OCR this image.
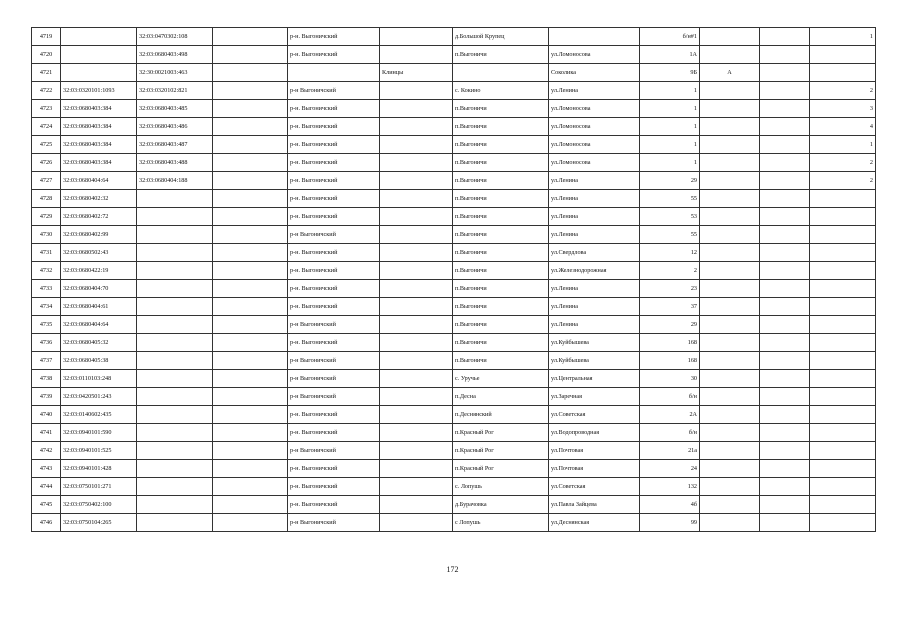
4719		32:03:0470302:108		р-н. Выгоничский		д.Большой Крупец		б/н#1			1
4720		32:03:0680403:498		р-н. Выгоничский		п.Выгоничи	ул.Ломоносова	1А			
4721		32:30:0021003:463			Клинцы		Соколика	9Б	А		
4722	32:03:0320101:1093	32:03:0320102:821		р-н Выгоничский		с. Кокино	ул.Ленина	1			2
4723	32:03:0680403:384	32:03:0680403:485		р-н. Выгоничский		п.Выгоничи	ул.Ломоносова	1			3
4724	32:03:0680403:384	32:03:0680403:486		р-н. Выгоничский		п.Выгоничи	ул.Ломоносова	1			4
4725	32:03:0680403:384	32:03:0680403:487		р-н. Выгоничский		п.Выгоничи	ул.Ломоносова	1			1
4726	32:03:0680403:384	32:03:0680403:488		р-н. Выгоничский		п.Выгоничи	ул.Ломоносова	1			2
4727	32:03:0680404:64	32:03:0680404:188		р-н. Выгоничский		п.Выгоничи	ул.Ленина	29			2
4728	32:03:0680402:32			р-н. Выгоничский		п.Выгоничи	ул.Ленина	55			
4729	32:03:0680402:72			р-н. Выгоничский		п.Выгоничи	ул.Ленина	53			
4730	32:03:0680402:99			р-н Выгоничский		п.Выгоничи	ул.Ленина	55			
4731	32:03:0680502:43			р-н. Выгоничский		п.Выгоничи	ул.Свердлова	12			
4732	32:03:0680422:19			р-н. Выгоничский		п.Выгоничи	ул.Железнодорожная	2			
4733	32:03:0680404:70			р-н. Выгоничский		п.Выгоничи	ул.Ленина	23			
4734	32:03:0680404:61			р-н. Выгоничский		п.Выгоничи	ул.Ленина	37			
4735	32:03:0680404:64			р-н Выгоничский		п.Выгоничи	ул.Ленина	29			
4736	32:03:0680405:32			р-н. Выгоничский		п.Выгоничи	ул.Куйбышева	168			
4737	32:03:0680405:38			р-н Выгоничский		п.Выгоничи	ул.Куйбышева	168			
4738	32:03:0110103:248			р-н Выгоничский		с. Уручье	ул.Центральная	30			
4739	32:03:0420501:243			р-н Выгоничский		п.Десна	ул.Заречная	б/н			
4740	32:03:0140602:435			р-н. Выгоничский		п.Деснянский	ул.Советская	2А			
4741	32:03:0940101:590			р-н. Выгоничский		п.Красный Рог	ул.Водопроводная	б/н			
4742	32:03:0940101:525			р-н Выгоничский		п.Красный Рог	ул.Почтовая	21а			
4743	32:03:0940101:428			р-н. Выгоничский		п.Красный Рог	ул.Почтовая	24			
4744	32:03:0750101:271			р-н. Выгоничский		с. Лопушь	ул.Советская	132			
4745	32:03:0750402:100			р-н. Выгоничский		д.Бурачовка	ул.Павла Зайцева	4б			
4746	32:03:0750104:265			р-н Выгоничский		с Лопушь	ул.Деснянская	99			
172
